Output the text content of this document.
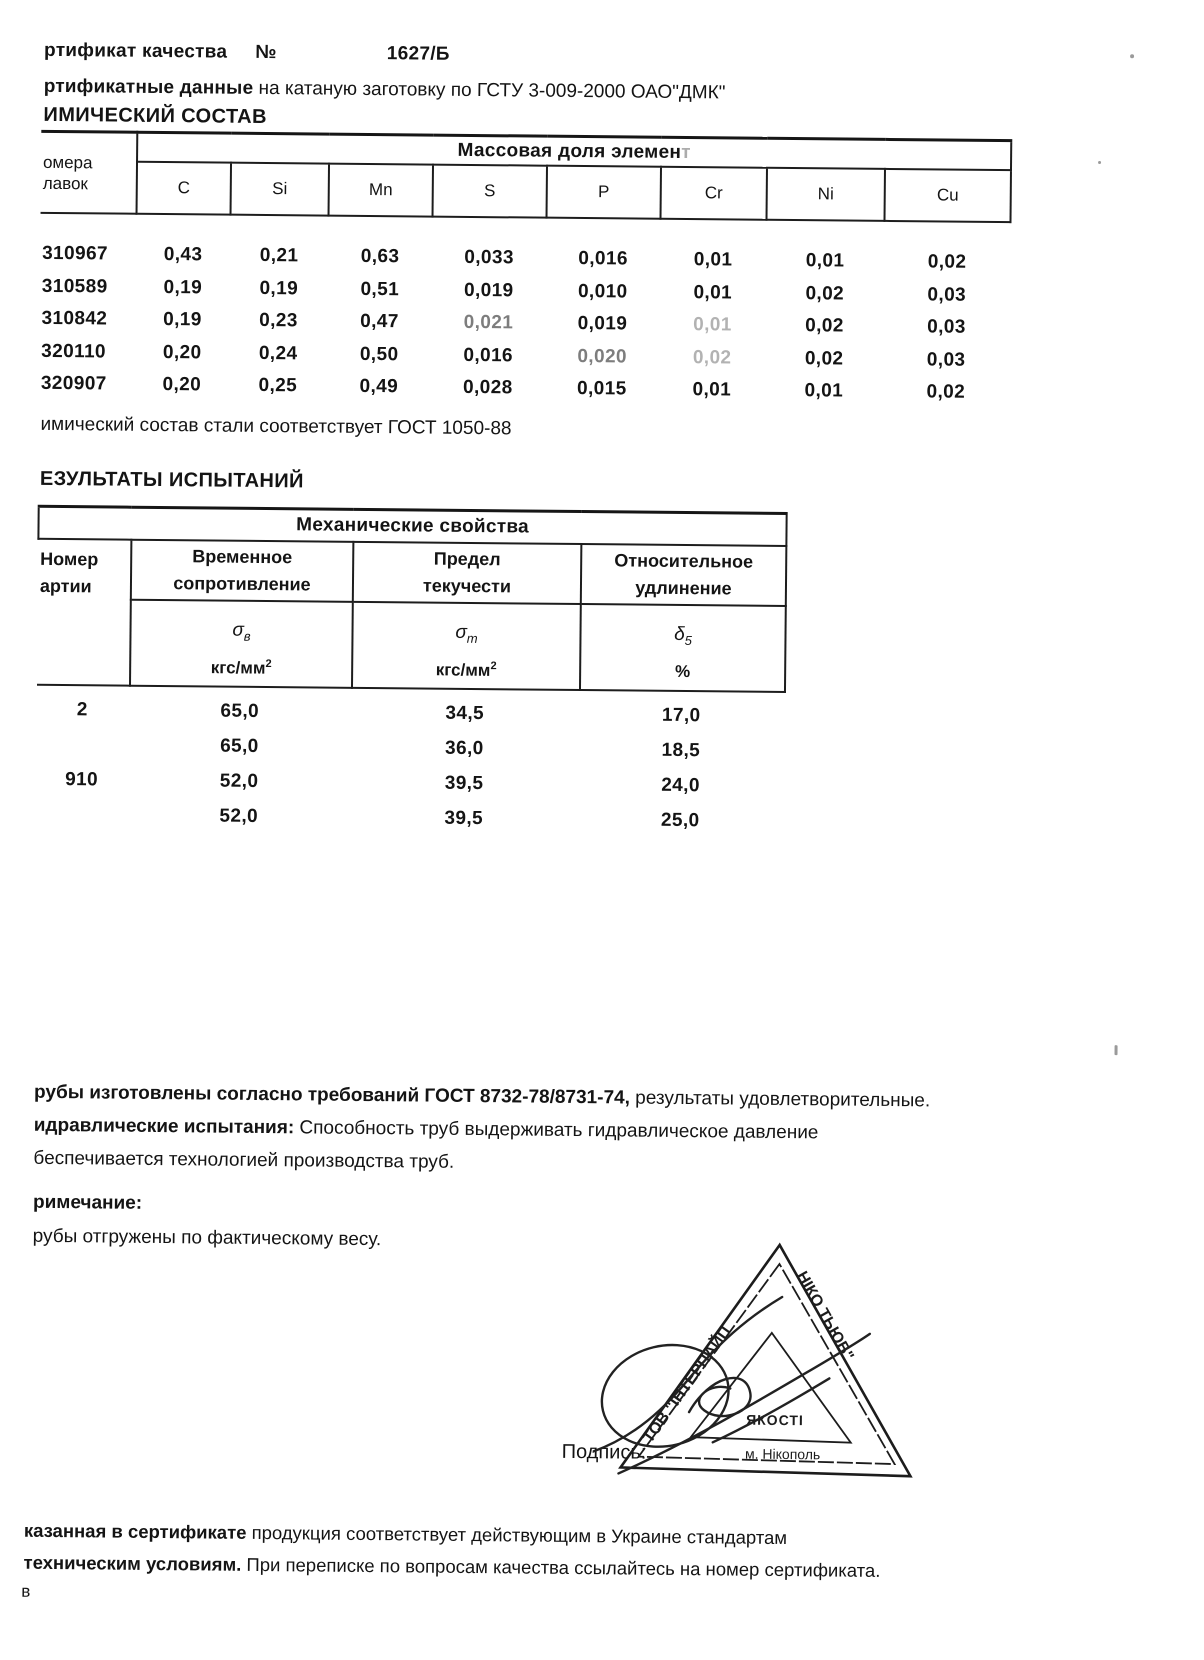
ртификат качества №	1627/Б
ртификатные данные на катаную заготовку по ГСТУ 3-009-2000 ОАО"ДМК"
ИМИЧЕСКИЙ СОСТАВ
омера
лавок	Массовая доля элемент							
	C	Si	Mn	S	P	Cr	Ni	Cu
310967	0,43	0,21	0,63	0,033	0,016	0,01	0,01	0,02
310589	0,19	0,19	0,51	0,019	0,010	0,01	0,02	0,03
310842	0,19	0,23	0,47	0,021	0,019	0,01	0,02	0,03
320110	0,20	0,24	0,50	0,016	0,020	0,02	0,02	0,03
320907	0,20	0,25	0,49	0,028	0,015	0,01	0,01	0,02
имический состав стали соответствует ГОСТ 1050-88
ЕЗУЛЬТАТЫ ИСПЫТАНИЙ
Механические свойства			

Номер
артии

Временное
сопротивление

Предел
текучести

Относительное
удлинение

$\sigma_в$
кгс/$мм^2$

$\sigma_т$
кгс/$мм^2$

$\delta_5$
%
2	65,0	34,5	17,0
65,0	36,0	18,5
910	52,0	39,5	24,0
52,0	39,5	25,0
рубы изготовлены согласно требований ГОСТ 8732-78/8731-74, результаты удовлетворительные.
идравлические испытания: Способность труб выдерживать гидравлическое давление
беспечивается технологией производства труб.
римечание:
рубы отгружены по фактическому весу.
Подпись:
ТОВ "ІНТЕРПАЙП
НІКО ТЬЮБ"
ЯКОСТІ
м. Нікополь
казанная в сертификате продукция соответствует действующим в Украине стандартам
техническим условиям. При переписке по вопросам качества ссылайтесь на номер сертификата.
в
